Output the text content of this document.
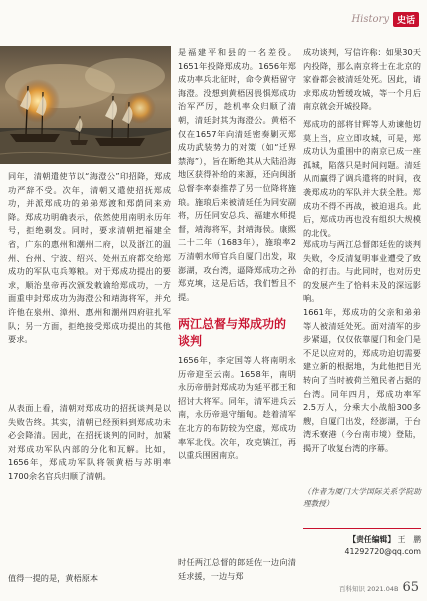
History 史话

同年，清朝遣使节以“海澄公”印招降，郑成功严辞不受。次年，清朝又遣使招抚郑成功，并派郑成功的弟弟郑渡和郑荫同来劝降。郑成功明确表示，依然使用南明永历年号，拒绝剃发。同时，要求清朝把福建全省，广东的惠州和潮州二府，以及浙江的温州、台州、宁波、绍兴、处州五府都交给郑成功的军队屯兵筹粮。对于郑成功提出的要求，顺治皇帝再次颁发敕谕给郑成功，一方面重申封郑成功为海澄公和靖海将军，并允许他在泉州、漳州、惠州和潮州四府驻扎军队；另一方面，拒绝接受郑成功提出的其他要求。

从表面上看，清朝对郑成功的招抚谈判是以失败告终。其实，清朝已经预料到郑成功未必会降清。因此，在招抚谈判的同时，加紧对郑成功军队内部的分化和瓦解。比如，1656年，郑成功军队将领黄梧与苏明率1700余名官兵归顺了清朝。

值得一提的是，黄梧原本

是福建平和县的一名差役。1651年投降郑成功。1656年郑成功率兵北征时，命令黄梧留守海澄。没想到黄梧因畏惧郑成功治军严厉，趁机率众归顺了清朝，清廷封其为海澄公。黄梧不仅在1657年向清廷密奏剿灭郑成功武装势力的对策（如“迁界禁海”），旨在断绝其从大陆沿海地区获得补给的来源，还向闽浙总督李率泰推荐了另一位降将施琅。施琅后来被清廷任为同安副将，历任同安总兵、福建水师提督，靖海将军，封靖海侯。康熙二十二年（1683年），施琅率2万清朝水师官兵自厦门出发，取澎湖，攻台湾，逼降郑成功之孙郑克塽，这是后话，我们暂且不提。

两江总督与郑成功的谈判

1656年，李定国等人将南明永历帝迎至云南。1658年，南明永历帝册封郑成功为延平郡王和招讨大将军。同年，清军进兵云南，永历帝退守缅甸。趁着清军在北方的布防较为空虚，郑成功率军北伐。次年，攻克镇江，再以重兵围困南京。

时任两江总督的郎廷佐一边向清廷求援，一边与郑

成功谈判，写信许称：如果30天内投降，那么南京将士在北京的家眷都会被清廷处死。因此，请求郑成功暂缓攻城，等一个月后南京就会开城投降。

郑成功的部将甘辉等人劝谏他切莫上当，应立即攻城，可是，郑成功认为重围中的南京已成一座孤城，陷落只是时间问题。清廷从而赢得了调兵遣将的时间，夜袭郑成功的军队并大获全胜。郑成功不得不再战，被迫退兵。此后，郑成功再也没有组织大规模的北伐。

郑成功与两江总督郎廷佐的谈判失败，令反清复明事业遭受了致命的打击。与此同时，也对历史的发展产生了恰料未及的深远影响。

1661年，郑成功的父亲和弟弟等人被清廷处死。面对清军的步步紧逼，仅仅依靠厦门和金门是不足以应对的，郑成功迫切需要建立新的根据地，为此他把目光转向了当时被荷兰殖民者占据的台湾。同年四月，郑成功率军2.5万人，分乘大小战船300多艘，自厦门出发，经澎湖，于台湾禾寮港（今台南市境）登陆，揭开了收复台湾的序幕。

（作者为厦门大学国际关系学院助理教授）

【责任编辑】 王　鹏
41292720@qq.com
百科知识 2021.04B 65
